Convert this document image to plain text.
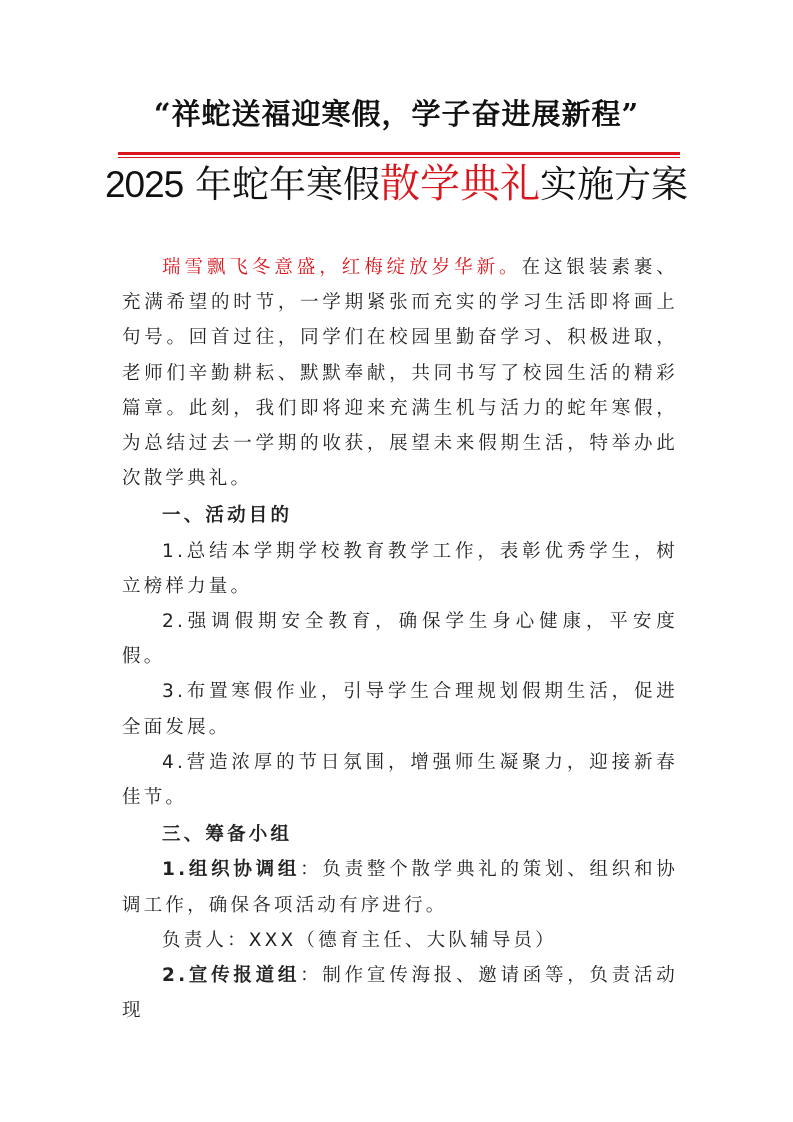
“祥蛇送福迎寒假，学子奋进展新程”
2025 年蛇年寒假散学典礼实施方案

瑞雪飘飞冬意盛，红梅绽放岁华新。在这银装素裹、充满希望的时节，一学期紧张而充实的学习生活即将画上句号。回首过往，同学们在校园里勤奋学习、积极进取，老师们辛勤耕耘、默默奉献，共同书写了校园生活的精彩篇章。此刻，我们即将迎来充满生机与活力的蛇年寒假，为总结过去一学期的收获，展望未来假期生活，特举办此次散学典礼。

一、活动目的

1.总结本学期学校教育教学工作，表彰优秀学生，树立榜样力量。

2.强调假期安全教育，确保学生身心健康，平安度假。

3.布置寒假作业，引导学生合理规划假期生活，促进全面发展。

4.营造浓厚的节日氛围，增强师生凝聚力，迎接新春佳节。

三、筹备小组

1.组织协调组：负责整个散学典礼的策划、组织和协调工作，确保各项活动有序进行。

负责人：XXX（德育主任、大队辅导员）

2.宣传报道组：制作宣传海报、邀请函等，负责活动现
